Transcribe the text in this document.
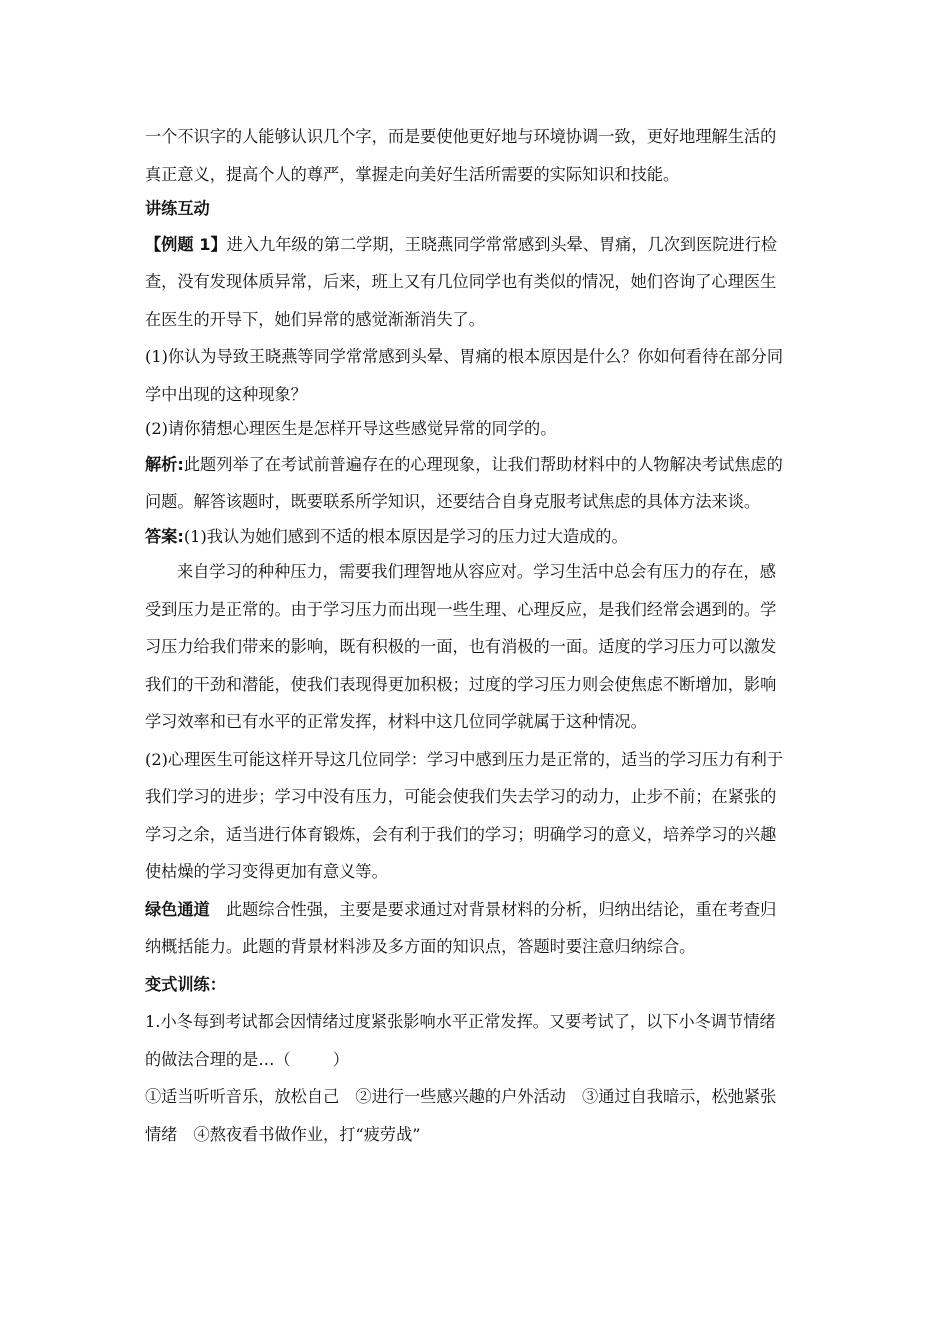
一个不识字的人能够认识几个字，而是要使他更好地与环境协调一致，更好地理解生活的

真正意义，提高个人的尊严，掌握走向美好生活所需要的实际知识和技能。

讲练互动

【例题 1】进入九年级的第二学期，王晓燕同学常常感到头晕、胃痛，几次到医院进行检

查，没有发现体质异常，后来，班上又有几位同学也有类似的情况，她们咨询了心理医生

在医生的开导下，她们异常的感觉渐渐消失了。

(1)你认为导致王晓燕等同学常常感到头晕、胃痛的根本原因是什么？你如何看待在部分同

学中出现的这种现象？

(2)请你猜想心理医生是怎样开导这些感觉异常的同学的。

解析:此题列举了在考试前普遍存在的心理现象，让我们帮助材料中的人物解决考试焦虑的

问题。解答该题时，既要联系所学知识，还要结合自身克服考试焦虑的具体方法来谈。

答案:(1)我认为她们感到不适的根本原因是学习的压力过大造成的。

来自学习的种种压力，需要我们理智地从容应对。学习生活中总会有压力的存在，感

受到压力是正常的。由于学习压力而出现一些生理、心理反应，是我们经常会遇到的。学

习压力给我们带来的影响，既有积极的一面，也有消极的一面。适度的学习压力可以激发

我们的干劲和潜能，使我们表现得更加积极；过度的学习压力则会使焦虑不断增加，影响

学习效率和已有水平的正常发挥，材料中这几位同学就属于这种情况。

(2)心理医生可能这样开导这几位同学：学习中感到压力是正常的，适当的学习压力有利于

我们学习的进步；学习中没有压力，可能会使我们失去学习的动力，止步不前；在紧张的

学习之余，适当进行体育锻炼，会有利于我们的学习；明确学习的意义，培养学习的兴趣

使枯燥的学习变得更加有意义等。

绿色通道　 此题综合性强，主要是要求通过对背景材料的分析，归纳出结论，重在考查归

纳概括能力。此题的背景材料涉及多方面的知识点，答题时要注意归纳综合。

变式训练：

1.小冬每到考试都会因情绪过度紧张影响水平正常发挥。又要考试了，以下小冬调节情绪

的做法合理的是…（	）

①适当听听音乐，放松自己　②进行一些感兴趣的户外活动　③通过自我暗示，松弛紧张

情绪　④熬夜看书做作业，打“疲劳战”
